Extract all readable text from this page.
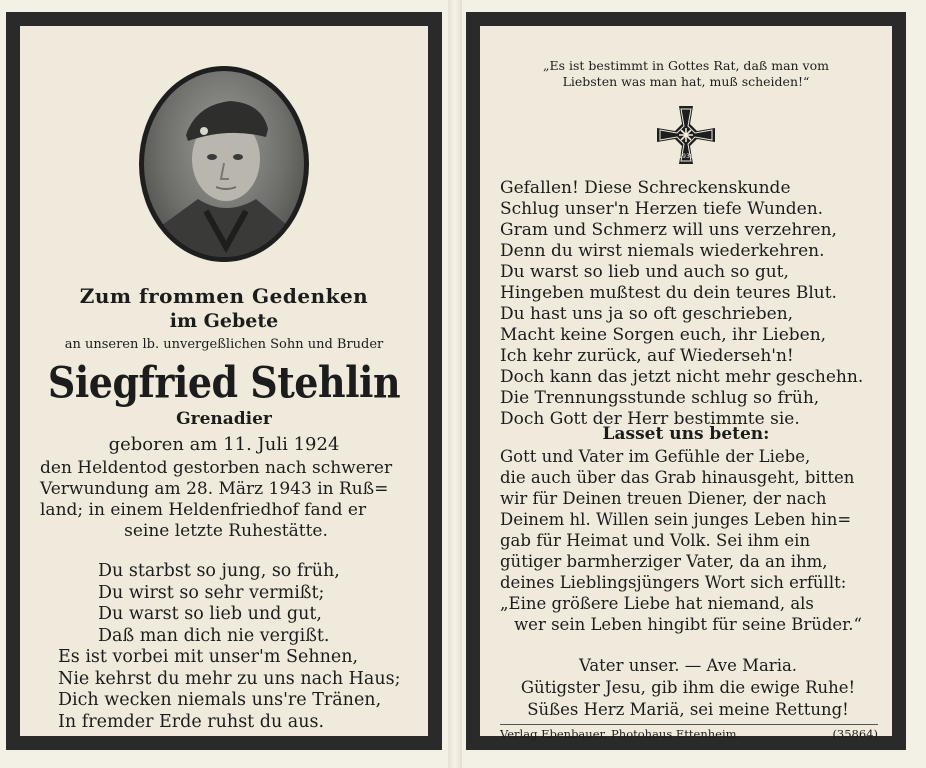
Zum frommen Gedenken
im Gebete
an unseren lb. unvergeßlichen Sohn und Bruder
Siegfried Stehlin
Grenadier
geboren am 11. Juli 1924
den Heldentod gestorben nach schwerer
Verwundung am 28. März 1943 in Ruß=
land; in einem Heldenfriedhof fand er
seine letzte Ruhestätte.
Du starbst so jung, so früh,
Du wirst so sehr vermißt;
Du warst so lieb und gut,
Daß man dich nie vergißt.
Es ist vorbei mit unser'm Sehnen,
Nie kehrst du mehr zu uns nach Haus;
Dich wecken niemals uns're Tränen,
In fremder Erde ruhst du aus.
„Es ist bestimmt in Gottes Rat, daß man vom
Liebsten was man hat, muß scheiden!“
1939
Gefallen! Diese Schreckenskunde
Schlug unser'n Herzen tiefe Wunden.
Gram und Schmerz will uns verzehren,
Denn du wirst niemals wiederkehren.
Du warst so lieb und auch so gut,
Hingeben mußtest du dein teures Blut.
Du hast uns ja so oft geschrieben,
Macht keine Sorgen euch, ihr Lieben,
Ich kehr zurück, auf Wiederseh'n!
Doch kann das jetzt nicht mehr geschehn.
Die Trennungsstunde schlug so früh,
Doch Gott der Herr bestimmte sie.
Lasset uns beten:
Gott und Vater im Gefühle der Liebe,
die auch über das Grab hinausgeht, bitten
wir für Deinen treuen Diener, der nach
Deinem hl. Willen sein junges Leben hin=
gab für Heimat und Volk. Sei ihm ein
gütiger barmherziger Vater, da an ihm,
deines Lieblingsjüngers Wort sich erfüllt:
„Eine größere Liebe hat niemand, als
wer sein Leben hingibt für seine Brüder.“
Vater unser. — Ave Maria.
Gütigster Jesu, gib ihm die ewige Ruhe!
Süßes Herz Mariä, sei meine Rettung!
Verlag Ebenbauer, Photohaus Ettenheim.	(35864)
